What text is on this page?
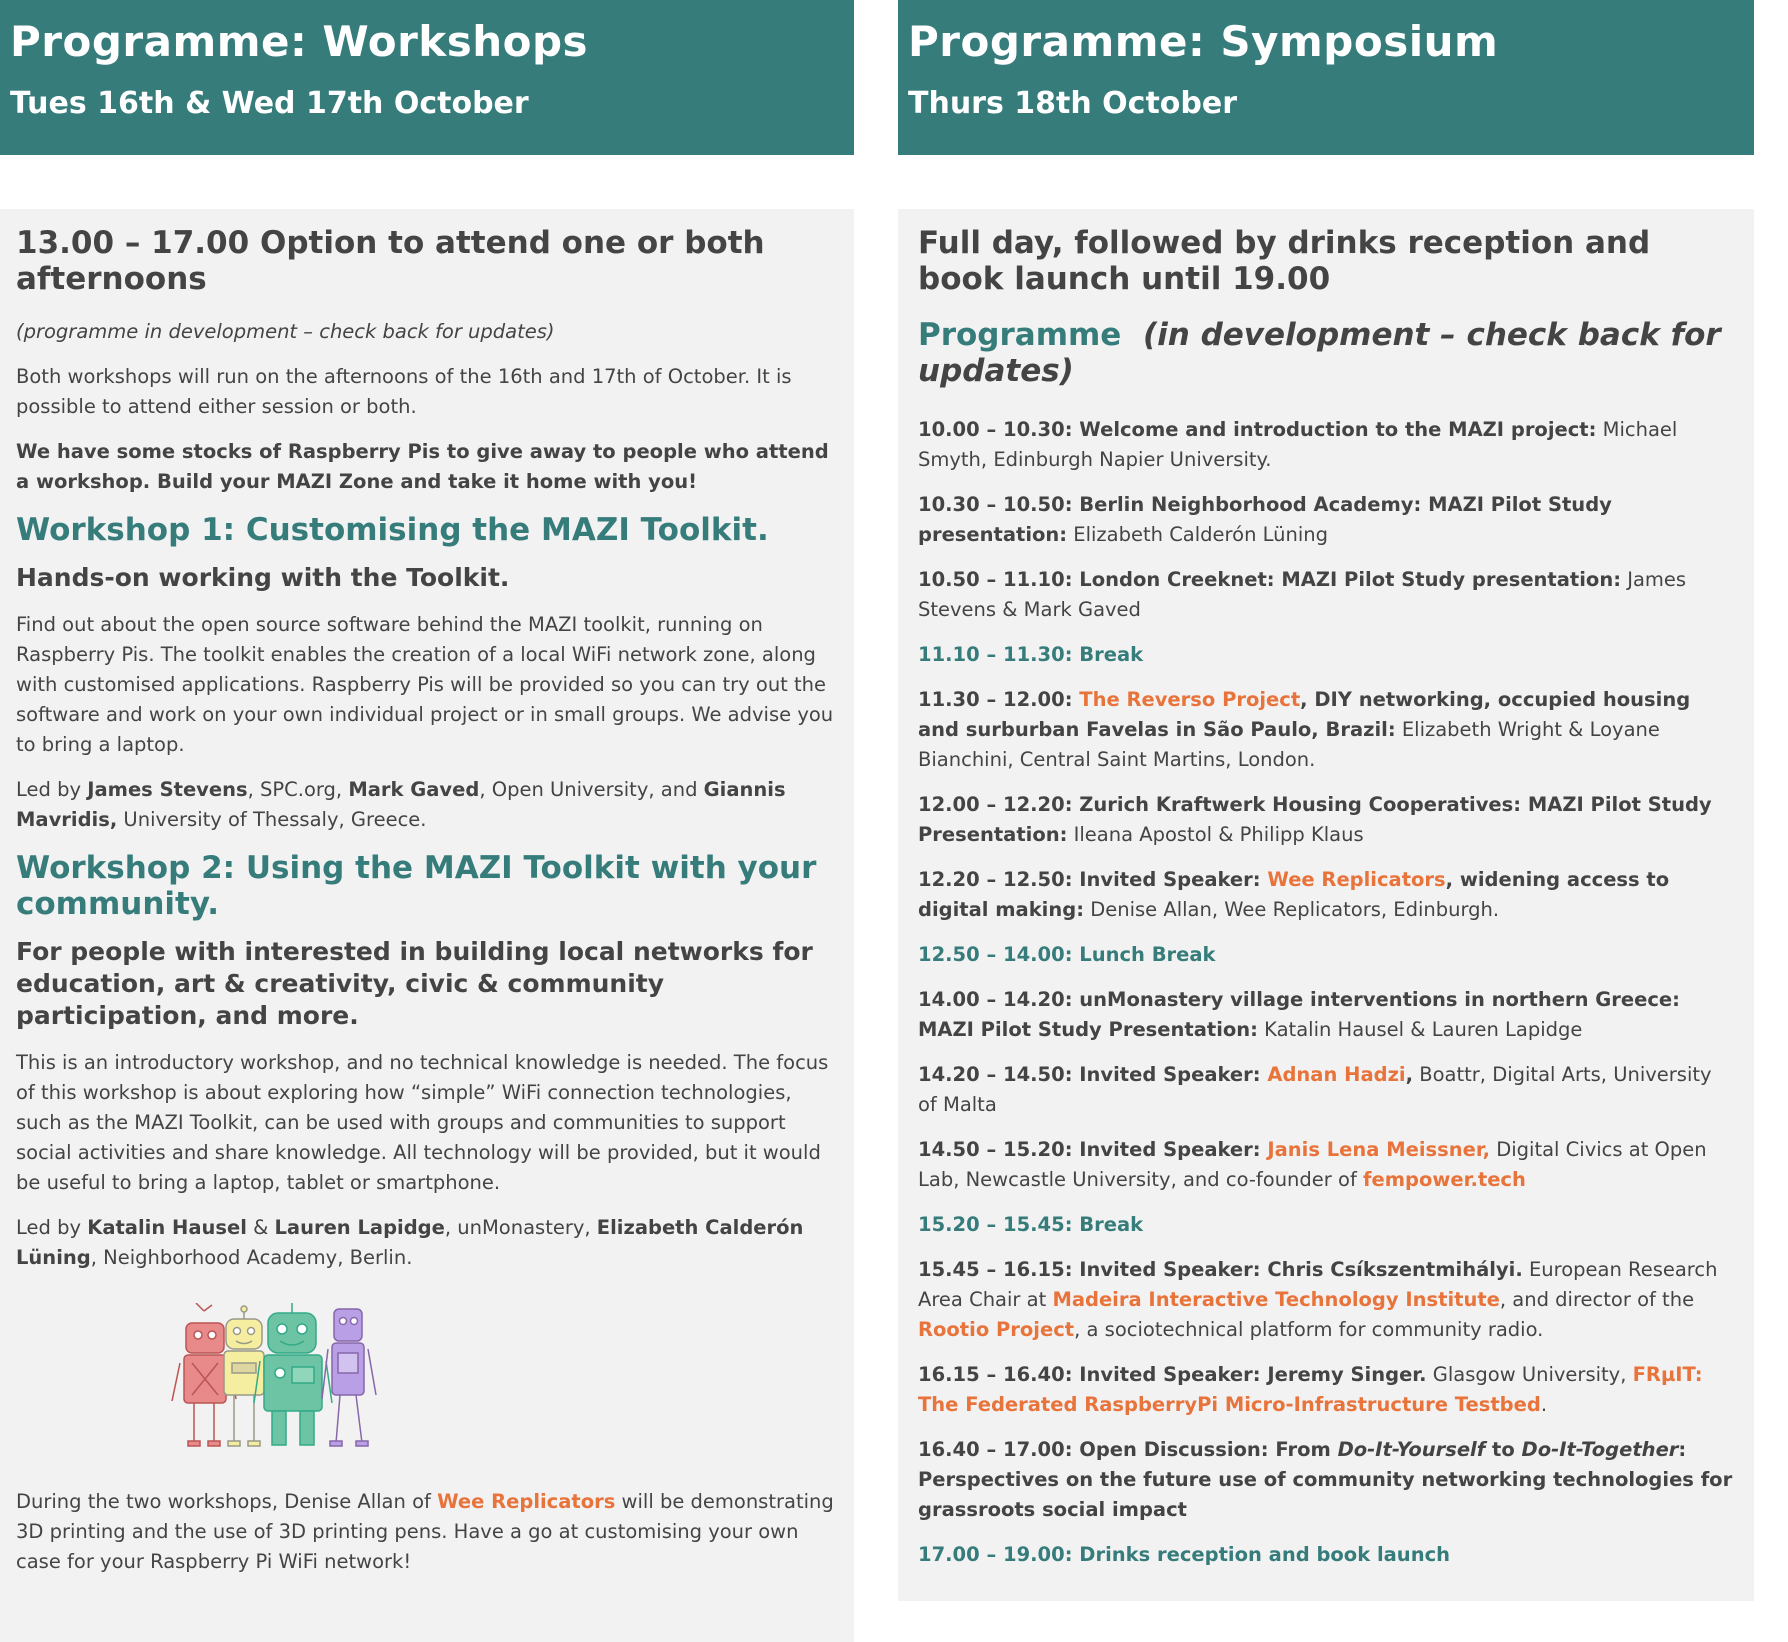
Programme: Workshops
Tues 16th & Wed 17th October
13.00 – 17.00 Option to attend one or both afternoons

(programme in development – check back for updates)

Both workshops will run on the afternoons of the 16th and 17th of October. It is possible to attend either session or both.

We have some stocks of Raspberry Pis to give away to people who attend a workshop. Build your MAZI Zone and take it home with you!

Workshop 1: Customising the MAZI Toolkit.
Hands-on working with the Toolkit.

Find out about the open source software behind the MAZI toolkit, running on Raspberry Pis. The toolkit enables the creation of a local WiFi network zone, along with customised applications. Raspberry Pis will be provided so you can try out the software and work on your own individual project or in small groups. We advise you to bring a laptop.

Led by James Stevens, SPC.org, Mark Gaved, Open University, and Giannis Mavridis, University of Thessaly, Greece.

Workshop 2: Using the MAZI Toolkit with your community.
For people with interested in building local networks for education, art & creativity, civic & community participation, and more.

This is an introductory workshop, and no technical knowledge is needed. The focus of this workshop is about exploring how “simple” WiFi connection technologies, such as the MAZI Toolkit, can be used with groups and communities to support social activities and share knowledge. All technology will be provided, but it would be useful to bring a laptop, tablet or smartphone.

Led by Katalin Hausel & Lauren Lapidge, unMonastery, Elizabeth Calderón Lüning, Neighborhood Academy, Berlin.

During the two workshops, Denise Allan of Wee Replicators will be demonstrating 3D printing and the use of 3D printing pens. Have a go at customising your own case for your Raspberry Pi WiFi network!

Programme: Symposium
Thurs 18th October
Full day, followed by drinks reception and book launch until 19.00
Programme (in development – check back for updates)

10.00 – 10.30: Welcome and introduction to the MAZI project: Michael Smyth, Edinburgh Napier University.

10.30 – 10.50: Berlin Neighborhood Academy: MAZI Pilot Study presentation: Elizabeth Calderón Lüning

10.50 – 11.10: London Creeknet: MAZI Pilot Study presentation: James Stevens & Mark Gaved

11.10 – 11.30: Break

11.30 – 12.00: The Reverso Project, DIY networking, occupied housing and surburban Favelas in São Paulo, Brazil: Elizabeth Wright & Loyane Bianchini, Central Saint Martins, London.

12.00 – 12.20: Zurich Kraftwerk Housing Cooperatives: MAZI Pilot Study Presentation: Ileana Apostol & Philipp Klaus

12.20 – 12.50: Invited Speaker: Wee Replicators, widening access to digital making: Denise Allan, Wee Replicators, Edinburgh.

12.50 – 14.00: Lunch Break

14.00 – 14.20: unMonastery village interventions in northern Greece: MAZI Pilot Study Presentation: Katalin Hausel & Lauren Lapidge

14.20 – 14.50: Invited Speaker: Adnan Hadzi, Boattr, Digital Arts, University of Malta

14.50 – 15.20: Invited Speaker: Janis Lena Meissner, Digital Civics at Open Lab, Newcastle University, and co-founder of fempower.tech

15.20 – 15.45: Break

15.45 – 16.15: Invited Speaker: Chris Csíkszentmihályi. European Research Area Chair at Madeira Interactive Technology Institute, and director of the Rootio Project, a sociotechnical platform for community radio.

16.15 – 16.40: Invited Speaker: Jeremy Singer. Glasgow University, FRµIT: The Federated RaspberryPi Micro-Infrastructure Testbed.

16.40 – 17.00: Open Discussion: From Do-It-Yourself to Do-It-Together: Perspectives on the future use of community networking technologies for grassroots social impact

17.00 – 19.00: Drinks reception and book launch
